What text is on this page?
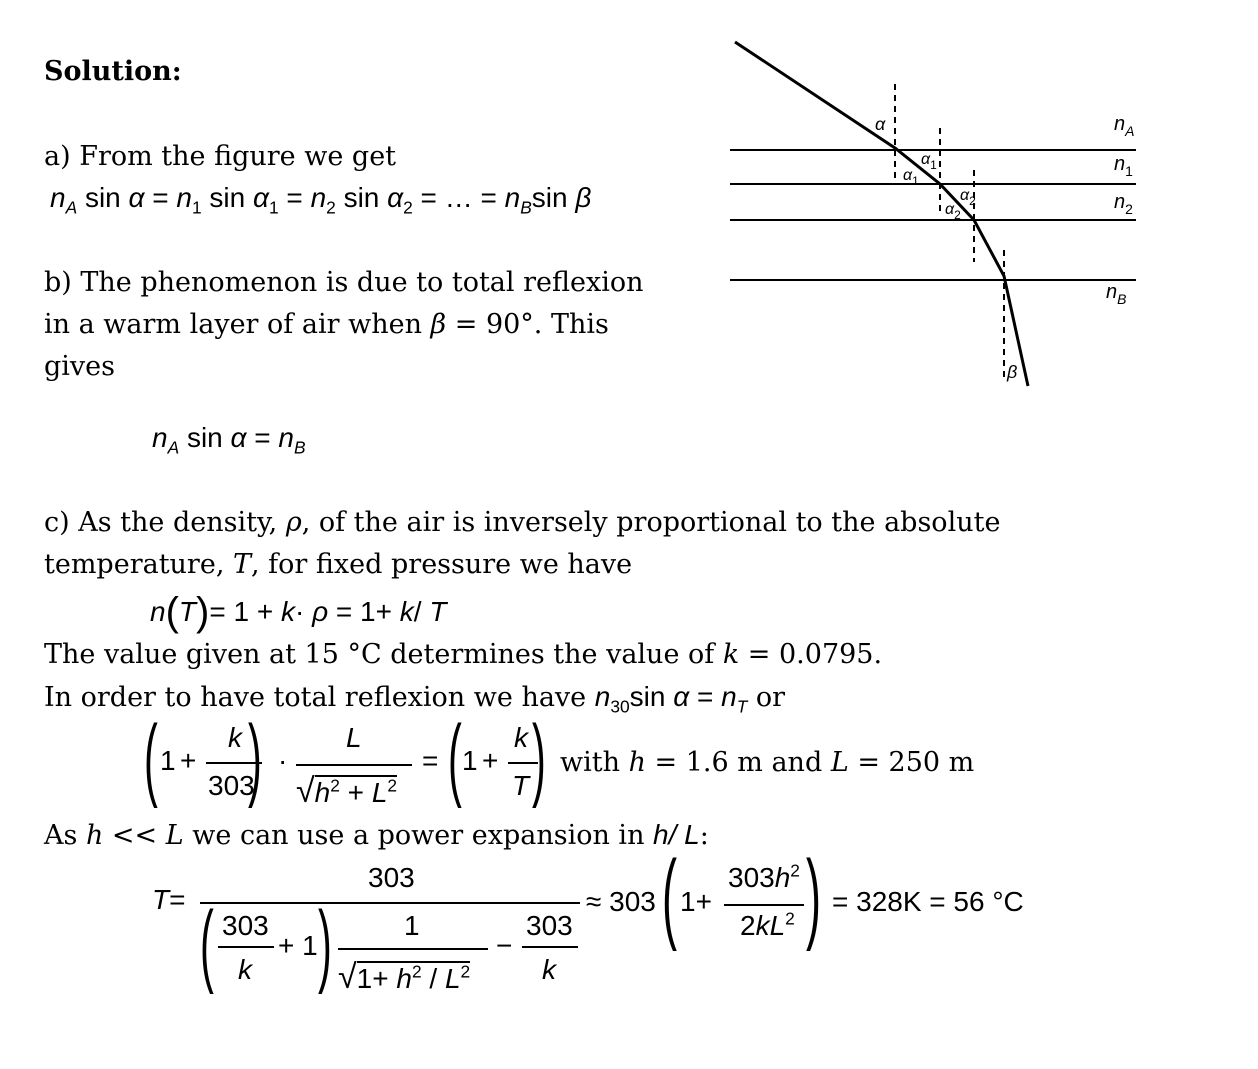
Solution:
a) From the figure we get
$n_A$ $\sin \alpha = n_1$ $\sin \alpha_1 = n_2$ $\sin \alpha_2$ = … = $n_B\sin$ β
b) The phenomenon is due to total reflexion
in a warm layer of air when β = 90°. This
gives
$n_A$ $\sin \alpha = n_B$
c) As the density, ρ, of the air is inversely proportional to the absolute
temperature, T, for fixed pressure we have
n(T)= 1 + k· ρ = 1+ k/ T
The value given at 15 °C determines the value of k = 0.0795.
In order to have total reflexion we have $n_{30}\sin$ $\alpha = n_T$ or
( 1 +
k
303
) ·
L
$√h^2 + L^2$
= ( 1 +
k
T ) with h = 1.6 m and L = 250 m
As h << L we can use a power expansion in h/ L:
T=
303
( 303
k
+ 1 )	1
$√1+ h^2 / L^2$
−
303
k
≈ 303 ( 1+
$303h^2$
$2kL^2$ ) = 328K = 56 °C
$n_A$
$n_1$
$n_2$
$n_B$
α
$\alpha_1$
$\alpha_1$
$\alpha_2$
$\alpha_2$
β
